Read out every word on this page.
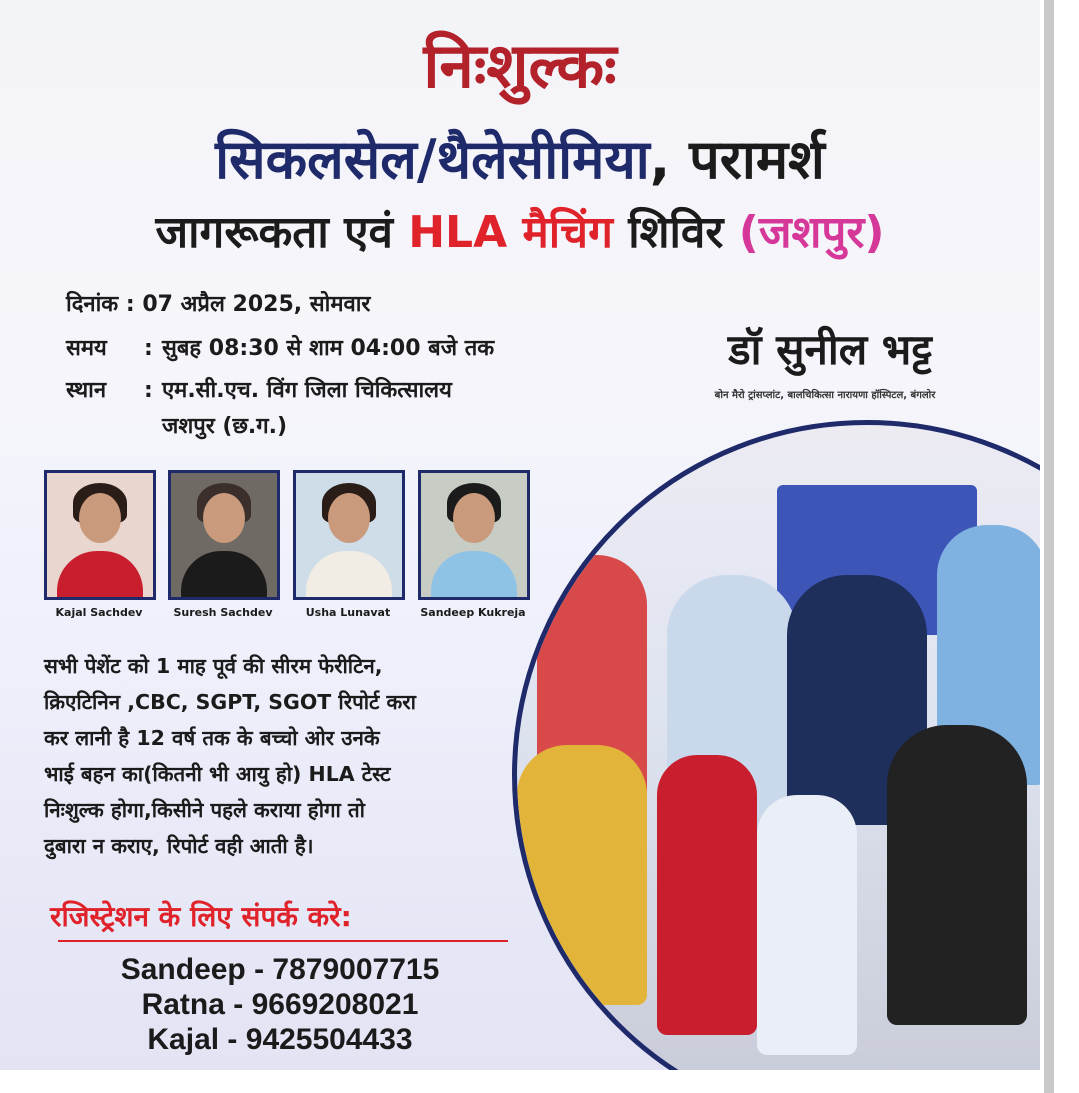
निःशुल्कः
सिकलसेल/थैलेसीमिया, परामर्श
जागरूकता एवं HLA मैचिंग शिविर (जशपुर)
दिनांक : 07 अप्रैल 2025, सोमवार
समय : सुबह 08:30 से शाम 04:00 बजे तक
स्थान : एम.सी.एच. विंग जिला चिकित्सालय
जशपुर (छ.ग.)
डॉ सुनील भट्ट
बोन मैरो ट्रांसप्लांट, बालचिकित्सा नारायणा हॉस्पिटल, बंगलोर
Kajal Sachdev	Suresh Sachdev	Usha Lunavat	Sandeep Kukreja
सभी पेशेंट को 1 माह पूर्व की सीरम फेरीटिन,
क्रिएटिनिन ,CBC, SGPT, SGOT रिपोर्ट करा
कर लानी है 12 वर्ष तक के बच्चो ओर उनके
भाई बहन का(कितनी भी आयु हो) HLA टेस्ट
निःशुल्क होगा,किसीने पहले कराया होगा तो
दुबारा न कराए, रिपोर्ट वही आती है।
रजिस्ट्रेशन के लिए संपर्क करे:
Sandeep - 7879007715
Ratna - 9669208021
Kajal - 9425504433
